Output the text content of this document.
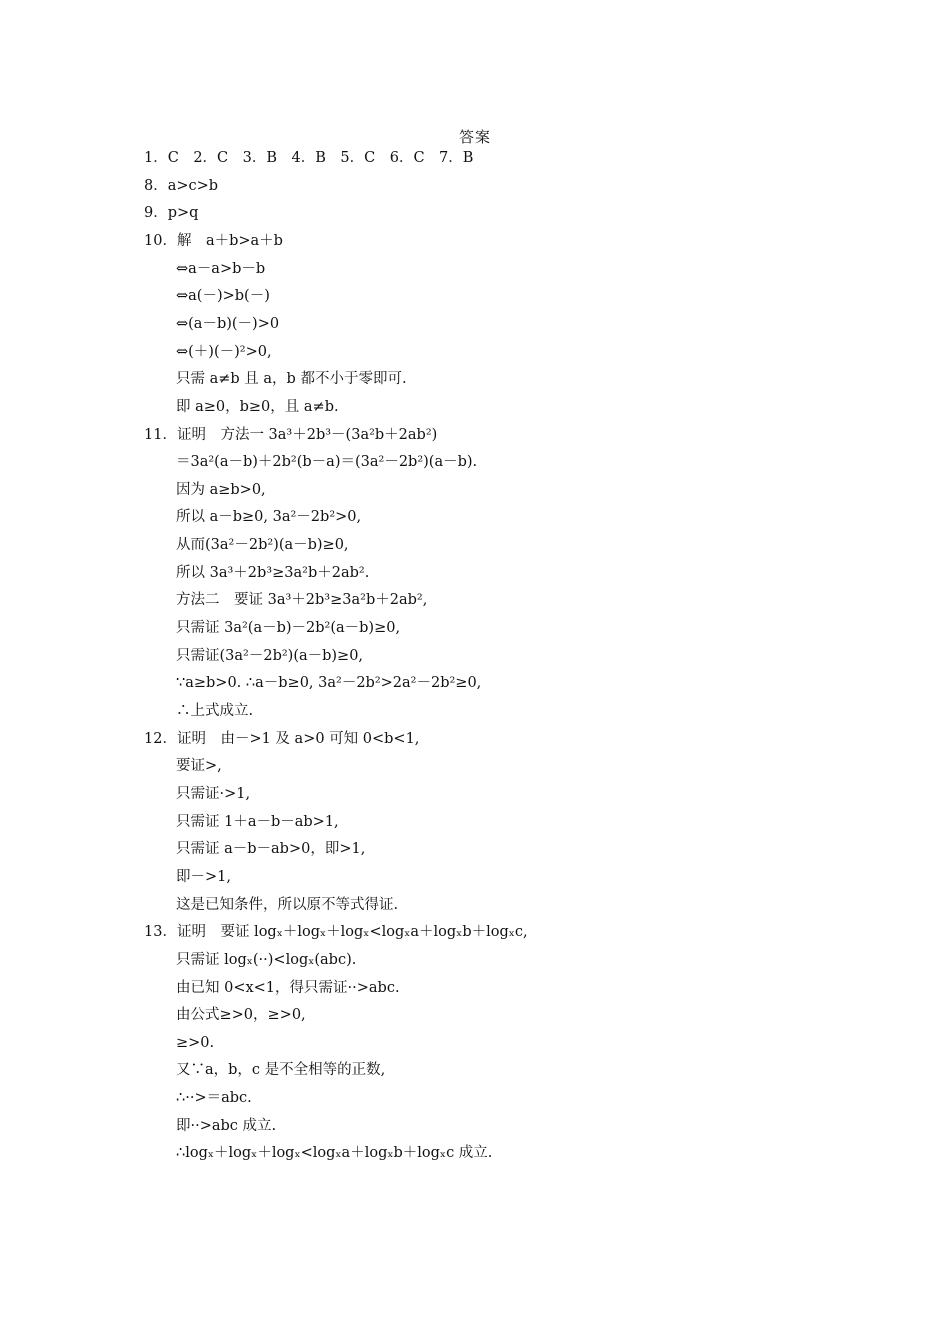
答案
1．C　2．C　3．B　4．B　5．C　6．C　7．B
8．a>c>b
9．p>q
10．解　a＋b>a＋b
⇔a－a>b－b
⇔a(－)>b(－)
⇔(a－b)(－)>0
⇔(＋)(－)²>0,
只需 a≠b 且 a，b 都不小于零即可.
即 a≥0，b≥0，且 a≠b.
11．证明　方法一 3a³＋2b³－(3a²b＋2ab²)
＝3a²(a－b)＋2b²(b－a)＝(3a²－2b²)(a－b).
因为 a≥b>0,
所以 a－b≥0, 3a²－2b²>0,
从而(3a²－2b²)(a－b)≥0,
所以 3a³＋2b³≥3a²b＋2ab².
方法二　要证 3a³＋2b³≥3a²b＋2ab²,
只需证 3a²(a－b)－2b²(a－b)≥0,
只需证(3a²－2b²)(a－b)≥0,
∵a≥b>0. ∴a－b≥0, 3a²－2b²>2a²－2b²≥0,
∴上式成立.
12．证明　由－>1 及 a>0 可知 0<b<1,
要证>,
只需证·>1,
只需证 1＋a－b－ab>1,
只需证 a－b－ab>0，即>1,
即－>1,
这是已知条件，所以原不等式得证.
13．证明　要证 logₓ＋logₓ＋logₓ<logₓa＋logₓb＋logₓc,
只需证 logₓ(··)<logₓ(abc).
由已知 0<x<1，得只需证··>abc.
由公式≥>0，≥>0,
≥>0.
又∵a，b，c 是不全相等的正数,
∴··>＝abc.
即··>abc 成立.
∴logₓ＋logₓ＋logₓ<logₓa＋logₓb＋logₓc 成立.
